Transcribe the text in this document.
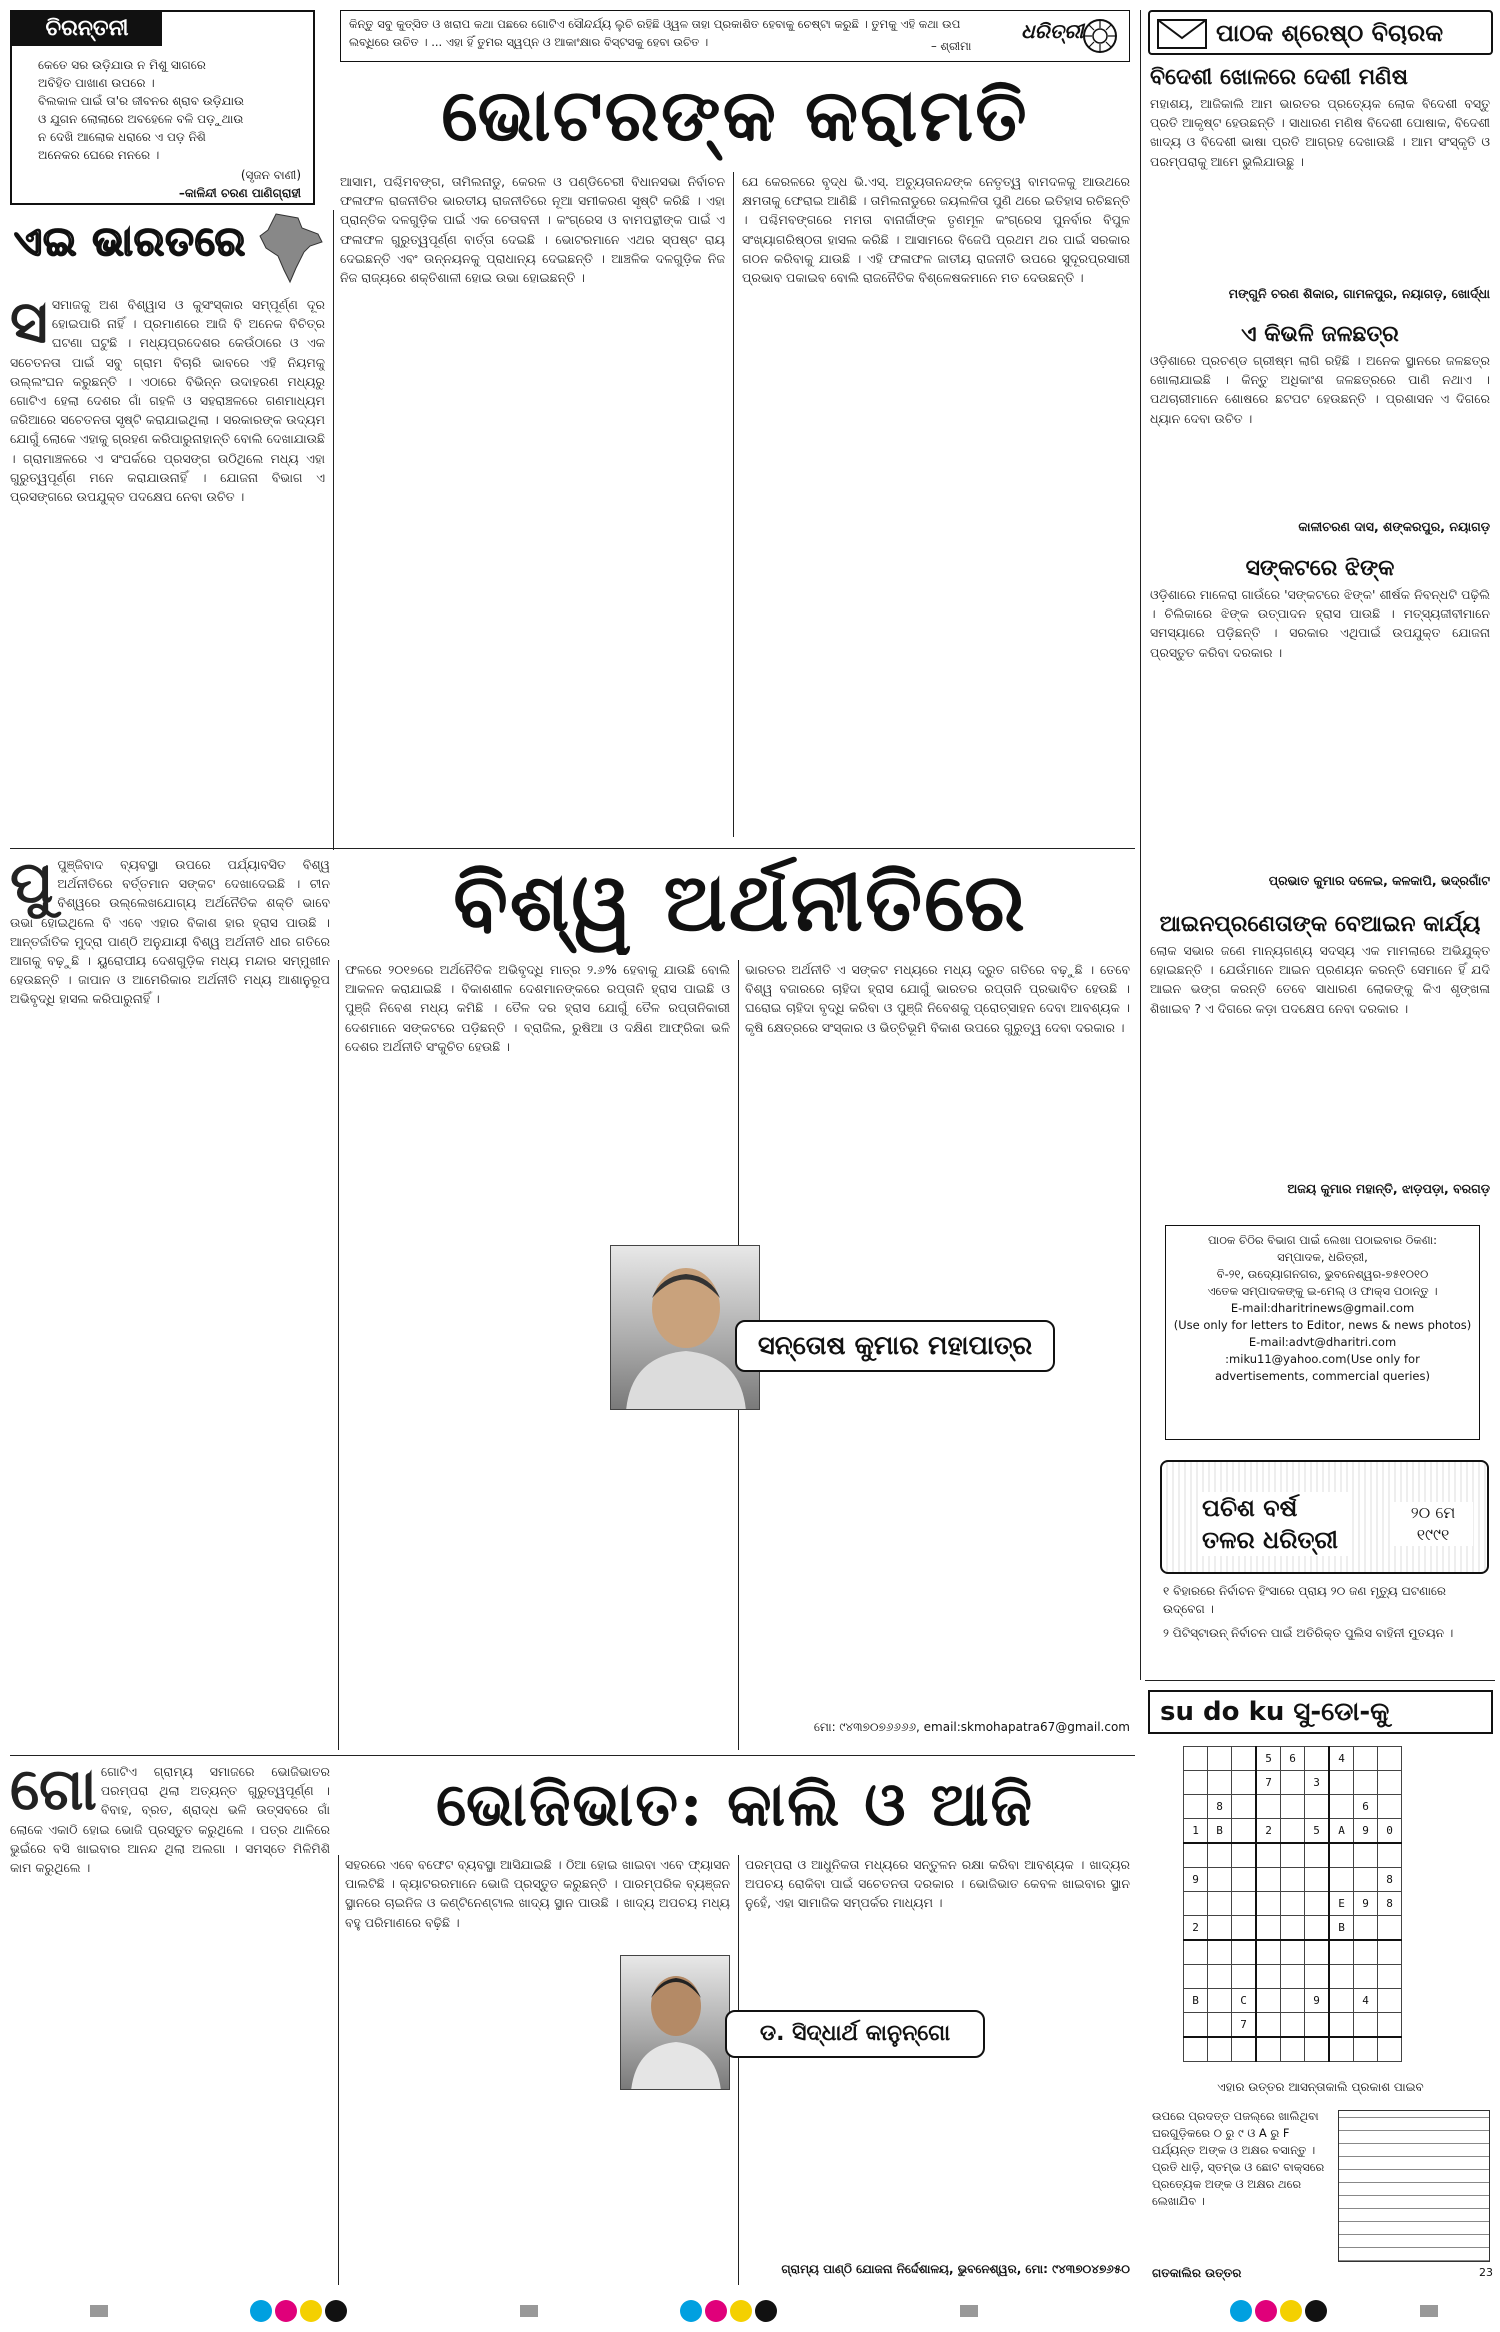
ଚିରନ୍ତନୀ
କେତେ ସର ଉଡ଼ିଯାଉ ନ ମିଶୁ ସାଗରେ
ଅବିହିତ ପାଖାଣ ଉପରେ ।
ବିଲକାଳ ପାଇଁ ତା'ର ଜୀବନର ଶ୍ରାବ ଉଡ଼ିଯାଉ
ଓ ଯୁଗନ ଲୋଲାରେ ଅବହେଳେ ବଳି ପଡ଼ୁଥାଉ
ନ ଦେଖି ଆଲୋକ ଧରାରେ ଏ ପଡ଼ ନିଶି
ଅନେକର ଘେରେ ମନରେ ।
(ସୃଜନ ବାଣୀ)
–କାଳିନ୍ଦୀ ଚରଣ ପାଣିଗ୍ରାହୀ
କିନ୍ତୁ ସବୁ କୁତ୍ସିତ ଓ ଖରାପ କଥା ପଛରେ ଗୋଟିଏ ସୌନ୍ଦର୍ଯ୍ୟ ଲୁଚି ରହିଛି ଓ୍ୱଳ ତାହା ପ୍ରକାଶିତ ହେବାକୁ ଚେଷ୍ଟା କରୁଛି । ତୁମକୁ ଏହି କଥା ଉପ ଲବ୍ଧିରେ ଉଚିତ । ... ଏହା ହିଁ ତୁମର ସ୍ୱପ୍ନ ଓ ଆକାଂକ୍ଷାର ବିସ୍ଟସକୁ ହେବା ଉଚିତ ।	– ଶ୍ରୀମା
ଧରିତ୍ରୀ
ଭୋଟରଙ୍କ କରାମତି
ଏଇ ଭାରତରେ
ସ ସମାଜକୁ ଅଶ ବିଶ୍ୱାସ ଓ କୁସଂସ୍କାର ସମ୍ପୂର୍ଣ୍ଣ ଦୂର ହୋଇପାରି ନାହିଁ । ପ୍ରମାଣରେ ଆଜି ବି ଅନେକ ବିଚିତ୍ର ଘଟଣା ଘଟୁଛି । ମଧ୍ୟପ୍ରଦେଶର କେଉଁଠାରେ ଓ ଏକ ସଚେତନତା ପାଇଁ ସବୁ ଗ୍ରାମ ବିଚାରି ଭାବରେ ଏହି ନିୟମକୁ ଉଲ୍ଲଂଘନ କରୁଛନ୍ତି । ଏଠାରେ ବିଭିନ୍ନ ଉଦାହରଣ ମଧ୍ୟରୁ ଗୋଟିଏ ହେଲା ଦେଶର ଗାଁ ଗହଳି ଓ ସହରାଞ୍ଚଳରେ ଗଣମାଧ୍ୟମ ଜରିଆରେ ସଚେତନତା ସୃଷ୍ଟି କରାଯାଇଥିଲା । ସରକାରଙ୍କ ଉଦ୍ୟମ ଯୋଗୁଁ ଲୋକେ ଏହାକୁ ଗ୍ରହଣ କରିପାରୁନାହାନ୍ତି ବୋଲି ଦେଖାଯାଉଛି । ଗ୍ରାମାଞ୍ଚଳରେ ଏ ସଂପର୍କରେ ପ୍ରସଙ୍ଗ ଉଠିଥିଲେ ମଧ୍ୟ ଏହା ଗୁରୁତ୍ୱପୂର୍ଣ୍ଣ ମନେ କରାଯାଉନାହିଁ । ଯୋଜନା ବିଭାଗ ଏ ପ୍ରସଙ୍ଗରେ ଉପଯୁକ୍ତ ପଦକ୍ଷେପ ନେବା ଉଚିତ ।

ଆସାମ, ପଶ୍ଚିମବଙ୍ଗ, ତାମିଲନାଡୁ, କେରଳ ଓ ପଣ୍ଡିଚେରୀ ବିଧାନସଭା ନିର୍ବାଚନ ଫଳାଫଳ ରାଜନୀତିର ଭାରତୀୟ ରାଜନୀତିରେ ନୂଆ ସମୀକରଣ ସୃଷ୍ଟି କରିଛି । ଏହା ପ୍ରାନ୍ତିକ ଦଳଗୁଡ଼ିକ ପାଇଁ ଏକ ଚେତାବନୀ । କଂଗ୍ରେସ ଓ ବାମପନ୍ଥୀଙ୍କ ପାଇଁ ଏ ଫଳାଫଳ ଗୁରୁତ୍ୱପୂର୍ଣ୍ଣ ବାର୍ତ୍ତା ଦେଇଛି । ଭୋଟରମାନେ ଏଥର ସ୍ପଷ୍ଟ ରାୟ ଦେଇଛନ୍ତି ଏବଂ ଉନ୍ନୟନକୁ ପ୍ରାଧାନ୍ୟ ଦେଇଛନ୍ତି । ଆଞ୍ଚଳିକ ଦଳଗୁଡ଼ିକ ନିଜ ନିଜ ରାଜ୍ୟରେ ଶକ୍ତିଶାଳୀ ହୋଇ ଉଭା ହୋଇଛନ୍ତି ।

ଯେ କେରଳରେ ବୃଦ୍ଧ ଭି.ଏସ୍. ଅଚ୍ୟୁତାନନ୍ଦଙ୍କ ନେତୃତ୍ୱ ବାମଦଳକୁ ଆଉଥରେ କ୍ଷମତାକୁ ଫେରାଇ ଆଣିଛି । ତାମିଲନାଡୁରେ ଜୟଲଳିତା ପୁଣି ଥରେ ଇତିହାସ ରଚିଛନ୍ତି । ପଶ୍ଚିମବଙ୍ଗରେ ମମତା ବାନାର୍ଜୀଙ୍କ ତୃଣମୂଳ କଂଗ୍ରେସ ପୁନର୍ବାର ବିପୁଳ ସଂଖ୍ୟାଗରିଷ୍ଠତା ହାସଲ କରିଛି । ଆସାମରେ ବିଜେପି ପ୍ରଥମ ଥର ପାଇଁ ସରକାର ଗଠନ କରିବାକୁ ଯାଉଛି । ଏହି ଫଳାଫଳ ଜାତୀୟ ରାଜନୀତି ଉପରେ ସୁଦୂରପ୍ରସାରୀ ପ୍ରଭାବ ପକାଇବ ବୋଲି ରାଜନୈତିକ ବିଶ୍ଳେଷକମାନେ ମତ ଦେଉଛନ୍ତି ।

ବିଶ୍ୱ ଅର୍ଥନୀତିରେ
ପୁ ପୁଞ୍ଜିବାଦ ବ୍ୟବସ୍ଥା ଉପରେ ପର୍ଯ୍ୟାବସିତ ବିଶ୍ୱ ଅର୍ଥନୀତିରେ ବର୍ତ୍ତମାନ ସଙ୍କଟ ଦେଖାଦେଇଛି । ଚୀନ ବିଶ୍ୱରେ ଉଲ୍ଲେଖଯୋଗ୍ୟ ଅର୍ଥନୈତିକ ଶକ୍ତି ଭାବେ ଉଭା ହୋଇଥିଲେ ବି ଏବେ ଏହାର ବିକାଶ ହାର ହ୍ରାସ ପାଉଛି । ଆନ୍ତର୍ଜାତିକ ମୁଦ୍ରା ପାଣ୍ଠି ଅନୁଯାୟୀ ବିଶ୍ୱ ଅର୍ଥନୀତି ଧୀର ଗତିରେ ଆଗକୁ ବଢ଼ୁଛି । ୟୁରୋପୀୟ ଦେଶଗୁଡ଼ିକ ମଧ୍ୟ ମନ୍ଦାର ସମ୍ମୁଖୀନ ହେଉଛନ୍ତି । ଜାପାନ ଓ ଆମେରିକାର ଅର୍ଥନୀତି ମଧ୍ୟ ଆଶାନୁରୂପ ଅଭିବୃଦ୍ଧି ହାସଲ କରିପାରୁନାହିଁ ।

ଫଳରେ ୨୦୧୭ରେ ଅର୍ଥନୈତିକ ଅଭିବୃଦ୍ଧି ମାତ୍ର ୨.୬% ହେବାକୁ ଯାଉଛି ବୋଲି ଆକଳନ କରାଯାଇଛି । ବିକାଶଶୀଳ ଦେଶମାନଙ୍କରେ ରପ୍ତାନି ହ୍ରାସ ପାଇଛି ଓ ପୁଞ୍ଜି ନିବେଶ ମଧ୍ୟ କମିଛି । ତୈଳ ଦର ହ୍ରାସ ଯୋଗୁଁ ତୈଳ ରପ୍ତାନିକାରୀ ଦେଶମାନେ ସଙ୍କଟରେ ପଡ଼ିଛନ୍ତି । ବ୍ରାଜିଲ, ରୁଷିଆ ଓ ଦକ୍ଷିଣ ଆଫ୍ରିକା ଭଳି ଦେଶର ଅର୍ଥନୀତି ସଂକୁଚିତ ହେଉଛି ।

ଭାରତର ଅର୍ଥନୀତି ଏ ସଙ୍କଟ ମଧ୍ୟରେ ମଧ୍ୟ ଦ୍ରୁତ ଗତିରେ ବଢ଼ୁଛି । ତେବେ ବିଶ୍ୱ ବଜାରରେ ଚାହିଦା ହ୍ରାସ ଯୋଗୁଁ ଭାରତର ରପ୍ତାନି ପ୍ରଭାବିତ ହେଉଛି । ଘରୋଇ ଚାହିଦା ବୃଦ୍ଧି କରିବା ଓ ପୁଞ୍ଜି ନିବେଶକୁ ପ୍ରୋତ୍ସାହନ ଦେବା ଆବଶ୍ୟକ । କୃଷି କ୍ଷେତ୍ରରେ ସଂସ୍କାର ଓ ଭିତ୍ତିଭୂମି ବିକାଶ ଉପରେ ଗୁରୁତ୍ୱ ଦେବା ଦରକାର ।

ସନ୍ତୋଷ କୁମାର ମହାପାତ୍ର
ମୋ: ୯୪୩୭୦୭୬୬୬୬, email:skmohapatra67@gmail.com
ଭୋଜିଭାତ: କାଲି ଓ ଆଜି
ଗୋ ଗୋଟିଏ ଗ୍ରାମ୍ୟ ସମାଜରେ ଭୋଜିଭାତର ପରମ୍ପରା ଥିଲା ଅତ୍ୟନ୍ତ ଗୁରୁତ୍ୱପୂର୍ଣ୍ଣ । ବିବାହ, ବ୍ରତ, ଶ୍ରାଦ୍ଧ ଭଳି ଉତ୍ସବରେ ଗାଁ ଲୋକେ ଏକାଠି ହୋଇ ଭୋଜି ପ୍ରସ୍ତୁତ କରୁଥିଲେ । ପତ୍ର ଥାଳିରେ ଭୁଇଁରେ ବସି ଖାଇବାର ଆନନ୍ଦ ଥିଲା ଅଲଗା । ସମସ୍ତେ ମିଳିମିଶି କାମ କରୁଥିଲେ ।	ସହରରେ ଏବେ ବଫେଟ ବ୍ୟବସ୍ଥା ଆସିଯାଇଛି । ଠିଆ ହୋଇ ଖାଇବା ଏବେ ଫ୍ୟାସନ ପାଲଟିଛି । କ୍ୟାଟରରମାନେ ଭୋଜି ପ୍ରସ୍ତୁତ କରୁଛନ୍ତି । ପାରମ୍ପରିକ ବ୍ୟଞ୍ଜନ ସ୍ଥାନରେ ଚାଇନିଜ ଓ କଣ୍ଟିନେଣ୍ଟାଲ ଖାଦ୍ୟ ସ୍ଥାନ ପାଉଛି । ଖାଦ୍ୟ ଅପଚୟ ମଧ୍ୟ ବହୁ ପରିମାଣରେ ବଢ଼ିଛି ।

ପରମ୍ପରା ଓ ଆଧୁନିକତା ମଧ୍ୟରେ ସନ୍ତୁଳନ ରକ୍ଷା କରିବା ଆବଶ୍ୟକ । ଖାଦ୍ୟର ଅପଚୟ ରୋକିବା ପାଇଁ ସଚେତନତା ଦରକାର । ଭୋଜିଭାତ କେବଳ ଖାଇବାର ସ୍ଥାନ ନୁହେଁ, ଏହା ସାମାଜିକ ସମ୍ପର୍କର ମାଧ୍ୟମ ।

ଡ. ସିଦ୍ଧାର୍ଥ କାନୁନ୍‌ଗୋ
ଗ୍ରାମ୍ୟ ପାଣ୍ଠି ଯୋଜନା ନିର୍ଦ୍ଦେଶାଳୟ, ଭୁବନେଶ୍ୱର, ମୋ: ୯୪୩୭୦୪୭୬୫୦
ପାଠକ ଶ୍ରେଷ୍ଠ ବିଚାରକ
ବିଦେଶୀ ଖୋଳରେ ଦେଶୀ ମଣିଷ
ମହାଶୟ, ଆଜିକାଲି ଆମ ଭାରତର ପ୍ରତ୍ୟେକ ଲୋକ ବିଦେଶୀ ବସ୍ତୁ ପ୍ରତି ଆକୃଷ୍ଟ ହେଉଛନ୍ତି । ସାଧାରଣ ମଣିଷ ବିଦେଶୀ ପୋଷାକ, ବିଦେଶୀ ଖାଦ୍ୟ ଓ ବିଦେଶୀ ଭାଷା ପ୍ରତି ଆଗ୍ରହ ଦେଖାଉଛି । ଆମ ସଂସ୍କୃତି ଓ ପରମ୍ପରାକୁ ଆମେ ଭୁଲିଯାଉଛୁ ।
ମଙ୍ଗୁନି ଚରଣ ଶିକାର, ଗାମଳପୁର, ନୟାଗଡ଼, ଖୋର୍ଦ୍ଧା
ଏ କିଭଳି ଜଳଛତ୍ର
ଓଡ଼ିଶାରେ ପ୍ରଚଣ୍ଡ ଗ୍ରୀଷ୍ମ ଲାଗି ରହିଛି । ଅନେକ ସ୍ଥାନରେ ଜଳଛତ୍ର ଖୋଲାଯାଇଛି । କିନ୍ତୁ ଅଧିକାଂଶ ଜଳଛତ୍ରରେ ପାଣି ନଥାଏ । ପଥଚାରୀମାନେ ଶୋଷରେ ଛଟପଟ ହେଉଛନ୍ତି । ପ୍ରଶାସନ ଏ ଦିଗରେ ଧ୍ୟାନ ଦେବା ଉଚିତ ।
କାଳୀଚରଣ ଦାସ, ଶଙ୍କରପୁର, ନୟାଗଡ଼
ସଙ୍କଟରେ ଝିଙ୍କ
ଓଡ଼ିଶାରେ ମାଳେରା ଗାଉଁରେ 'ସଙ୍କଟରେ ଝିଙ୍କ' ଶୀର୍ଷକ ନିବନ୍ଧଟି ପଢ଼ିଲି । ଚିଲିକାରେ ଝିଙ୍କ ଉତ୍ପାଦନ ହ୍ରାସ ପାଉଛି । ମତ୍ସ୍ୟଜୀବୀମାନେ ସମସ୍ୟାରେ ପଡ଼ିଛନ୍ତି । ସରକାର ଏଥିପାଇଁ ଉପଯୁକ୍ତ ଯୋଜନା ପ୍ରସ୍ତୁତ କରିବା ଦରକାର ।
ପ୍ରଭାତ କୁମାର ଦଳେଇ, କଳକାପି, ଭଦ୍ରଗାଁଟ
ଆଇନପ୍ରଣେତାଙ୍କ ବେଆଇନ କାର୍ଯ୍ୟ
ଲୋକ ସଭାର ଜଣେ ମାନ୍ୟଗଣ୍ୟ ସଦସ୍ୟ ଏକ ମାମଲାରେ ଅଭିଯୁକ୍ତ ହୋଇଛନ୍ତି । ଯେଉଁମାନେ ଆଇନ ପ୍ରଣୟନ କରନ୍ତି ସେମାନେ ହିଁ ଯଦି ଆଇନ ଭଙ୍ଗ କରନ୍ତି ତେବେ ସାଧାରଣ ଲୋକଙ୍କୁ କିଏ ଶୃଙ୍ଖଳା ଶିଖାଇବ ? ଏ ଦିଗରେ କଡ଼ା ପଦକ୍ଷେପ ନେବା ଦରକାର ।
ଅଜୟ କୁମାର ମହାନ୍ତି, ଝାଡ଼ପଡ଼ା, ବରଗଡ଼
ପାଠକ ଚିଠିର ବିଭାଗ ପାଇଁ ଲେଖା ପଠାଇବାର ଠିକଣା:
ସମ୍ପାଦକ, ଧରିତ୍ରୀ,
ବି-୨୧, ଉଦ୍ୟୋଗନଗର, ଭୁବନେଶ୍ୱର-୭୫୧୦୧୦
ଏତେକ ସମ୍ପାଦକଙ୍କୁ ଇ-ମେଲ୍ ଓ ଫାକ୍ସ ପଠାନ୍ତୁ ।
E-mail:dharitrinews@gmail.com
(Use only for letters to Editor, news & news photos)
E-mail:advt@dharitri.com
:miku11@yahoo.com(Use only for
advertisements, commercial queries)
ପଚିଶ ବର୍ଷ ତଳର ଧରିତ୍ରୀ
୨୦ ମେ ୧୯୯୧
୧ ବିହାରରେ ନିର୍ବାଚନ ହିଂସାରେ ପ୍ରାୟ ୨୦ ଜଣ ମୃତ୍ୟୁ ଘଟଣାରେ ଉଦ୍‌ବେଗ ।
୨ ପିଟିସ୍‌ଟାଉନ୍ ନିର୍ବାଚନ ପାଇଁ ଅତିରିକ୍ତ ପୁଲିସ ବାହିନୀ ମୁତୟନ ।
su do ku ସୁ-ଡୋ-କୁ
			5	6		4		
			7		3			
	8						6	
1	B		2		5	A	9	0

9								8
						E	9	8
2						B		

B		C			9		4	
		7						

ଏହାର ଉତ୍ତର ଆସନ୍ତାକାଲି ପ୍ରକାଶ ପାଇବ
ଉପରେ ପ୍ରଦତ୍ତ ପଜଲ୍‌ରେ ଖାଲିଥିବା ଘରଗୁଡ଼ିକରେ ୦ ରୁ ୯ ଓ A ରୁ F ପର୍ଯ୍ୟନ୍ତ ଅଙ୍କ ଓ ଅକ୍ଷର ବସାନ୍ତୁ । ପ୍ରତି ଧାଡ଼ି, ସ୍ତମ୍ଭ ଓ ଛୋଟ ବାକ୍ସରେ ପ୍ରତ୍ୟେକ ଅଙ୍କ ଓ ଅକ୍ଷର ଥରେ ଲେଖାଯିବ ।
ଗତକାଲିର ଉତ୍ତର	23
